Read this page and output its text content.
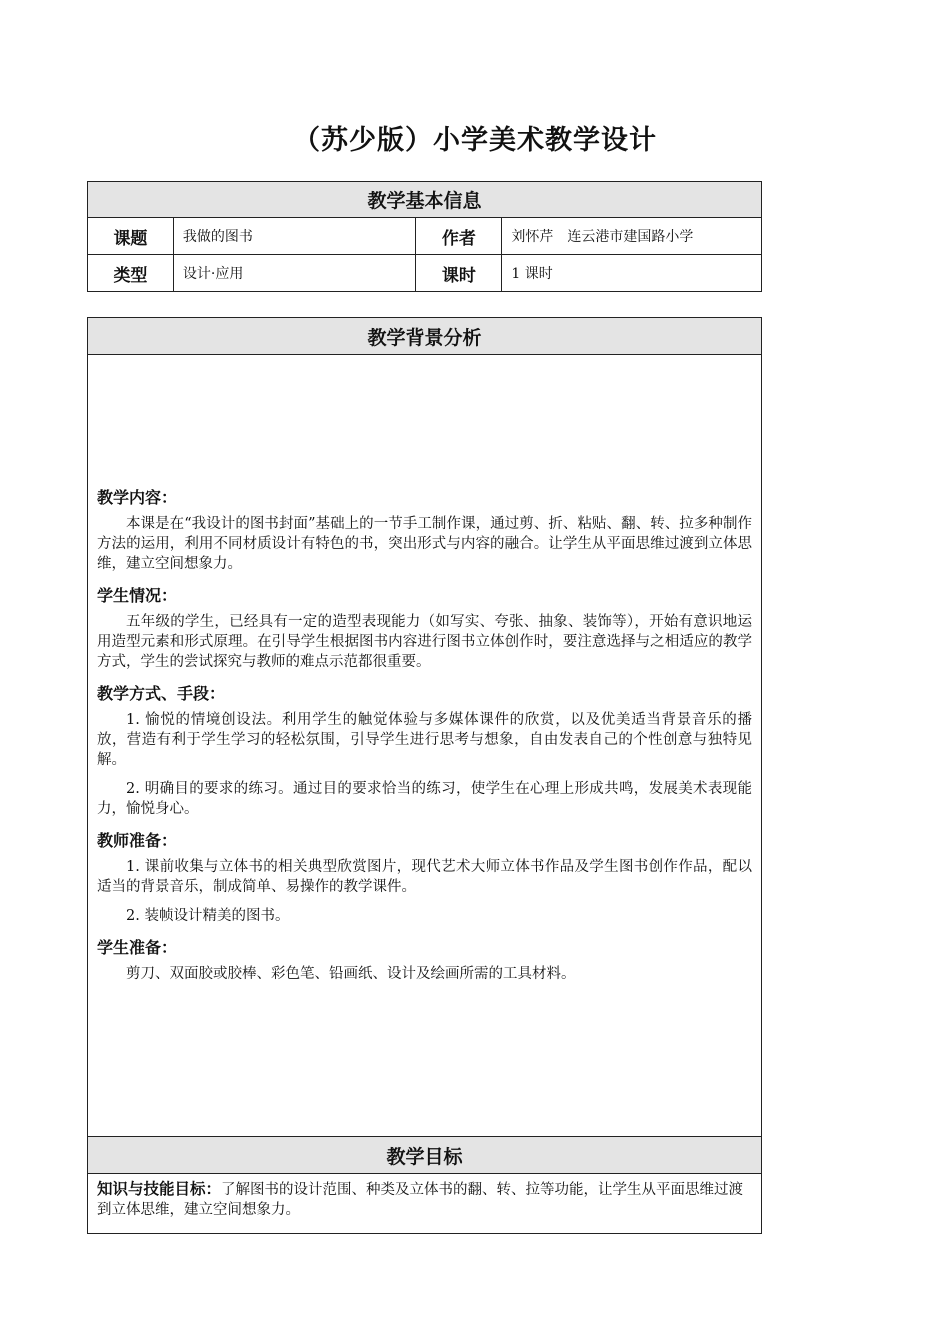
（苏少版）小学美术教学设计
教学基本信息			
课题	我做的图书	作者	刘怀芹　连云港市建国路小学
类型	设计·应用	课时	1 课时
教学背景分析

教学内容：

本课是在“我设计的图书封面”基础上的一节手工制作课，通过剪、折、粘贴、翻、转、拉多种制作方法的运用，利用不同材质设计有特色的书，突出形式与内容的融合。让学生从平面思维过渡到立体思维，建立空间想象力。

学生情况：

五年级的学生，已经具有一定的造型表现能力（如写实、夸张、抽象、装饰等），开始有意识地运用造型元素和形式原理。在引导学生根据图书内容进行图书立体创作时，要注意选择与之相适应的教学方式，学生的尝试探究与教师的难点示范都很重要。

教学方式、手段：

1. 愉悦的情境创设法。利用学生的触觉体验与多媒体课件的欣赏，以及优美适当背景音乐的播放，营造有利于学生学习的轻松氛围，引导学生进行思考与想象，自由发表自己的个性创意与独特见解。

2. 明确目的要求的练习。通过目的要求恰当的练习，使学生在心理上形成共鸣，发展美术表现能力，愉悦身心。

教师准备：

1. 课前收集与立体书的相关典型欣赏图片，现代艺术大师立体书作品及学生图书创作作品，配以适当的背景音乐，制成简单、易操作的教学课件。

2. 装帧设计精美的图书。

学生准备：

剪刀、双面胶或胶棒、彩色笔、铅画纸、设计及绘画所需的工具材料。

教学目标
知识与技能目标：了解图书的设计范围、种类及立体书的翻、转、拉等功能，让学生从平面思维过渡到立体思维，建立空间想象力。
